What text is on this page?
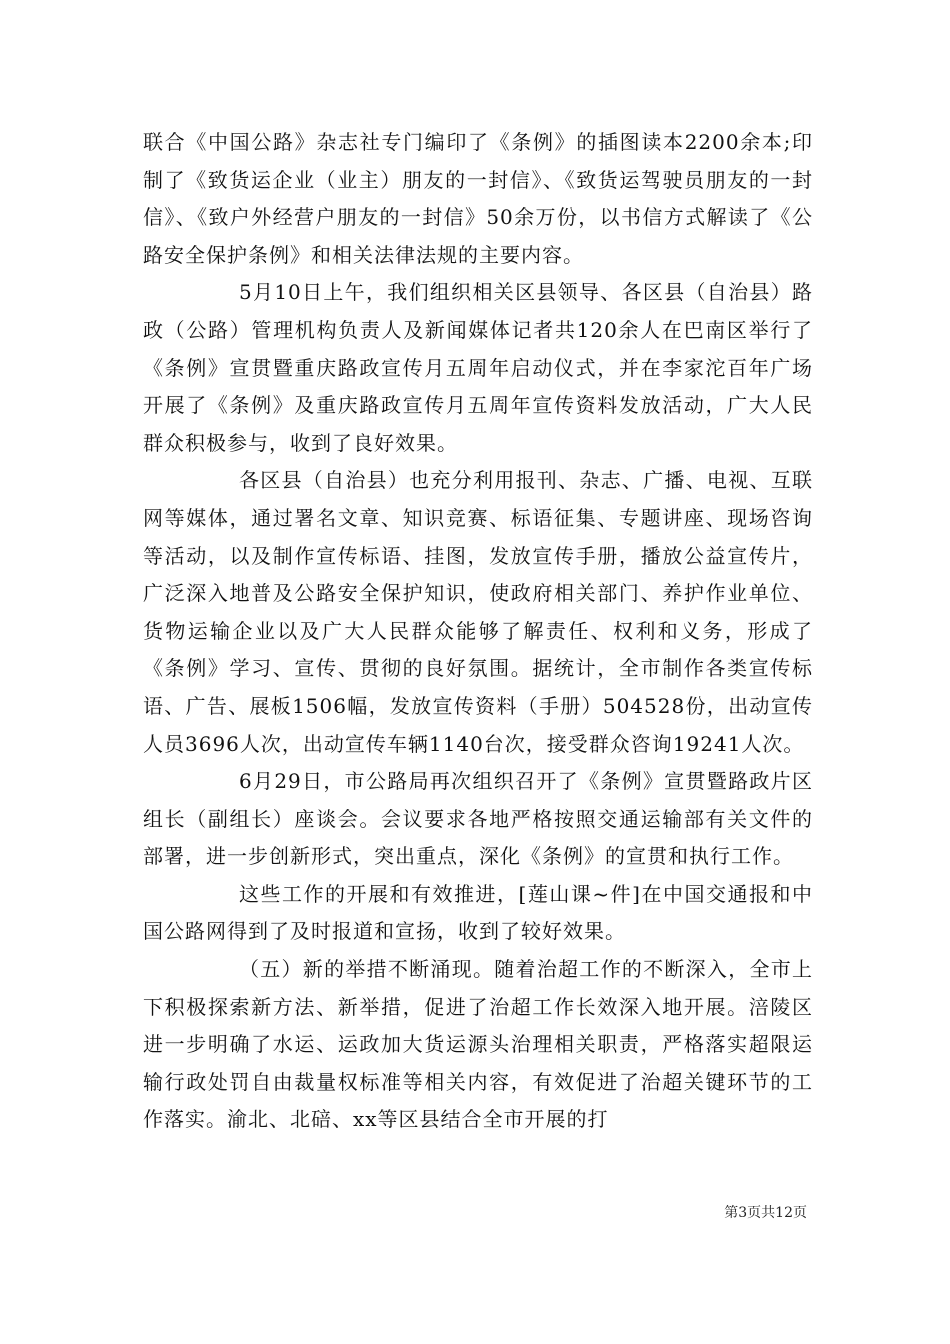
联合《中国公路》杂志社专门编印了《条例》的插图读本2200余本;印制了《致货运企业（业主）朋友的一封信》、《致货运驾驶员朋友的一封信》、《致户外经营户朋友的一封信》50余万份，以书信方式解读了《公路安全保护条例》和相关法律法规的主要内容。

5月10日上午，我们组织相关区县领导、各区县（自治县）路政（公路）管理机构负责人及新闻媒体记者共120余人在巴南区举行了《条例》宣贯暨重庆路政宣传月五周年启动仪式，并在李家沱百年广场开展了《条例》及重庆路政宣传月五周年宣传资料发放活动，广大人民群众积极参与，收到了良好效果。

各区县（自治县）也充分利用报刊、杂志、广播、电视、互联网等媒体，通过署名文章、知识竞赛、标语征集、专题讲座、现场咨询等活动，以及制作宣传标语、挂图，发放宣传手册，播放公益宣传片，广泛深入地普及公路安全保护知识，使政府相关部门、养护作业单位、货物运输企业以及广大人民群众能够了解责任、权利和义务，形成了《条例》学习、宣传、贯彻的良好氛围。据统计，全市制作各类宣传标语、广告、展板1506幅，发放宣传资料（手册）504528份，出动宣传人员3696人次，出动宣传车辆1140台次，接受群众咨询19241人次。

6月29日，市公路局再次组织召开了《条例》宣贯暨路政片区组长（副组长）座谈会。会议要求各地严格按照交通运输部有关文件的部署，进一步创新形式，突出重点，深化《条例》的宣贯和执行工作。

这些工作的开展和有效推进，[莲山课~件]在中国交通报和中国公路网得到了及时报道和宣扬，收到了较好效果。

（五）新的举措不断涌现。随着治超工作的不断深入，全市上下积极探索新方法、新举措，促进了治超工作长效深入地开展。涪陵区进一步明确了水运、运政加大货运源头治理相关职责，严格落实超限运输行政处罚自由裁量权标准等相关内容，有效促进了治超关键环节的工作落实。渝北、北碚、xx等区县结合全市开展的打

第3页共12页
